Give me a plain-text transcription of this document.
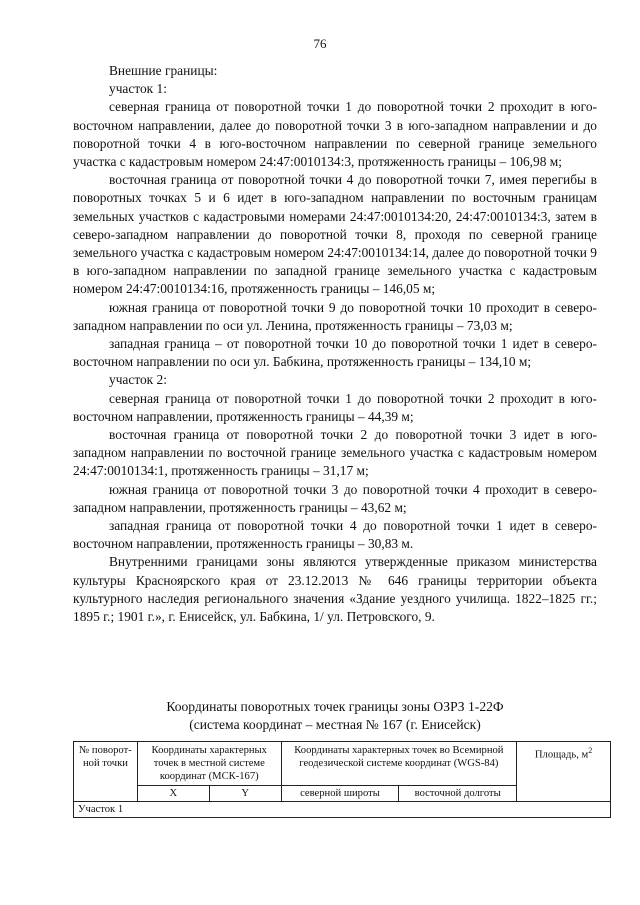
76

Внешние границы:

участок 1:

северная граница от поворотной точки 1 до поворотной точки 2 проходит в юго-восточном направлении, далее до поворотной точки 3 в юго-западном направлении и до поворотной точки 4 в юго-восточном направлении по северной границе земельного участка с кадастровым номером 24:47:0010134:3, протяженность границы – 106,98 м;

восточная граница от поворотной точки 4 до поворотной точки 7, имея перегибы в поворотных точках 5 и 6 идет в юго-западном направлении по восточным границам земельных участков с кадастровыми номерами 24:47:0010134:20, 24:47:0010134:3, затем в северо-западном направлении до поворотной точки 8, проходя по северной границе земельного участка с кадастровым номером 24:47:0010134:14, далее до поворотной точки 9 в юго-западном направлении по западной границе земельного участка с кадастровым номером 24:47:0010134:16, протяженность границы – 146,05 м;

южная граница от поворотной точки 9 до поворотной точки 10 проходит в северо-западном направлении по оси ул. Ленина, протяженность границы – 73,03 м;

западная граница – от поворотной точки 10 до поворотной точки 1 идет в северо-восточном направлении по оси ул. Бабкина, протяженность границы – 134,10 м;

участок 2:

северная граница от поворотной точки 1 до поворотной точки 2 проходит в юго-восточном направлении, протяженность границы – 44,39 м;

восточная граница от поворотной точки 2 до поворотной точки 3 идет в юго-западном направлении по восточной границе земельного участка с кадастровым номером 24:47:0010134:1, протяженность границы – 31,17 м;

южная граница от поворотной точки 3 до поворотной точки 4 проходит в северо-западном направлении, протяженность границы – 43,62 м;

западная граница от поворотной точки 4 до поворотной точки 1 идет в северо-восточном направлении, протяженность границы – 30,83 м.

Внутренними границами зоны являются утвержденные приказом министерства культуры Красноярского края от 23.12.2013 № 646 границы территории объекта культурного наследия регионального значения «Здание уездного училища. 1822–1825 гг.; 1895 г.; 1901 г.», г. Енисейск, ул. Бабкина, 1/ ул. Петровского, 9.

Координаты поворотных точек границы зоны ОЗРЗ 1-22Ф
(система координат – местная № 167 (г. Енисейск)
№ поворот-ной точки	Координаты характерных точек в местной системе координат (МСК-167)		Координаты характерных точек во Всемирной геодезической системе координат (WGS-84)		Площадь, $м^2$
	X	Y	северной широты	восточной долготы	
Участок 1					
